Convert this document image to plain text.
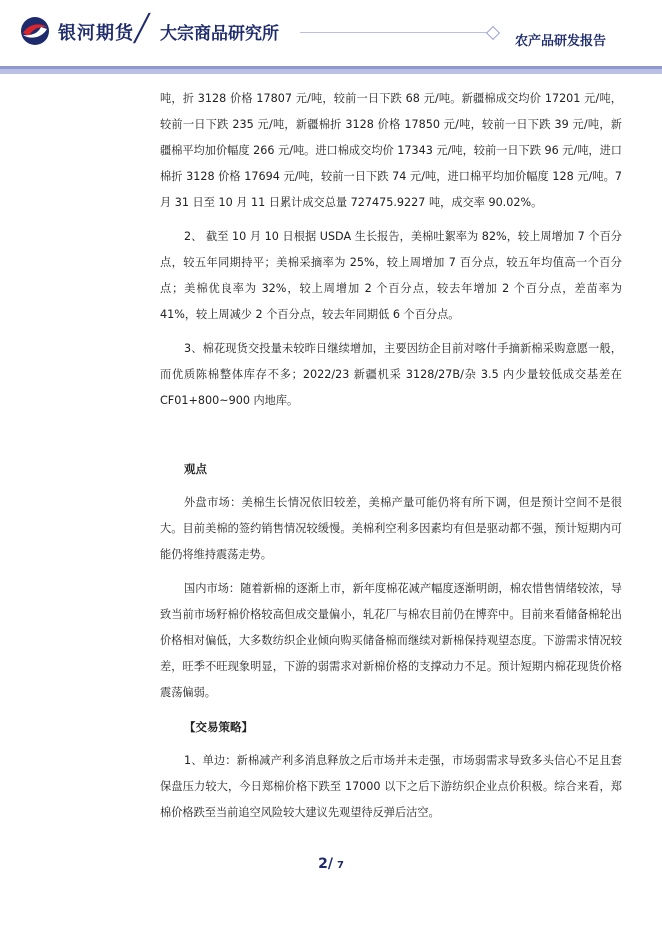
银河期货 ╱ 大宗商品研究所	农产品研发报告

吨，折 3128 价格 17807 元/吨，较前一日下跌 68 元/吨。新疆棉成交均价 17201 元/吨，较前一日下跌 235 元/吨，新疆棉折 3128 价格 17850 元/吨，较前一日下跌 39 元/吨，新疆棉平均加价幅度 266 元/吨。进口棉成交均价 17343 元/吨，较前一日下跌 96 元/吨，进口棉折 3128 价格 17694 元/吨，较前一日下跌 74 元/吨，进口棉平均加价幅度 128 元/吨。7 月 31 日至 10 月 11 日累计成交总量 727475.9227 吨，成交率 90.02%。

2、 截至 10 月 10 日根据 USDA 生长报告，美棉吐絮率为 82%，较上周增加 7 个百分点，较五年同期持平；美棉采摘率为 25%，较上周增加 7 百分点，较五年均值高一个百分点；美棉优良率为 32%，较上周增加 2 个百分点，较去年增加 2 个百分点，差苗率为 41%，较上周减少 2 个百分点，较去年同期低 6 个百分点。

3、棉花现货交投量未较昨日继续增加，主要因纺企目前对喀什手摘新棉采购意愿一般，而优质陈棉整体库存不多；2022/23 新疆机采 3128/27B/杂 3.5 内少量较低成交基差在 CF01+800~900 内地库。

观点

外盘市场：美棉生长情况依旧较差，美棉产量可能仍将有所下调，但是预计空间不是很大。目前美棉的签约销售情况较缓慢。美棉利空利多因素均有但是驱动都不强，预计短期内可能仍将维持震荡走势。

国内市场：随着新棉的逐渐上市，新年度棉花减产幅度逐渐明朗，棉农惜售情绪较浓，导致当前市场籽棉价格较高但成交量偏小，轧花厂与棉农目前仍在博弈中。目前来看储备棉轮出价格相对偏低，大多数纺织企业倾向购买储备棉而继续对新棉保持观望态度。下游需求情况较差，旺季不旺现象明显，下游的弱需求对新棉价格的支撑动力不足。预计短期内棉花现货价格震荡偏弱。

【交易策略】

1、单边：新棉减产利多消息释放之后市场并未走强，市场弱需求导致多头信心不足且套保盘压力较大，今日郑棉价格下跌至 17000 以下之后下游纺织企业点价积极。综合来看，郑棉价格跌至当前追空风险较大建议先观望待反弹后沽空。

2/ 7
